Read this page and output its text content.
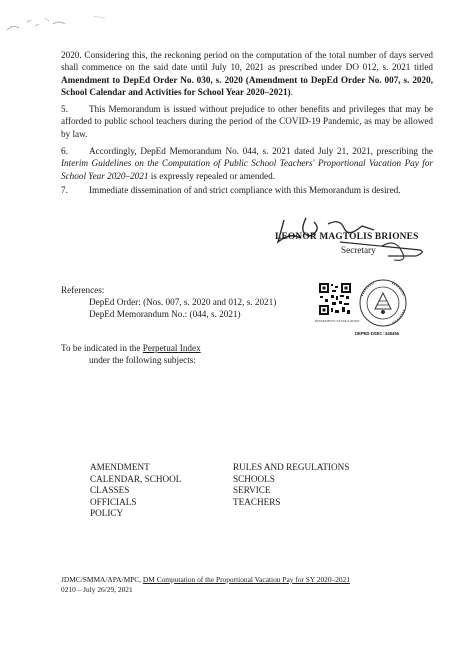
2020. Considering this, the reckoning period on the computation of the total number of days served shall commence on the said date until July 10, 2021 as prescribed under DO 012, s. 2021 titled Amendment to DepEd Order No. 030, s. 2020 (Amendment to DepEd Order No. 007, s. 2020, School Calendar and Activities for School Year 2020–2021).
5. This Memorandum is issued without prejudice to other benefits and privileges that may be afforded to public school teachers during the period of the COVID-19 Pandemic, as may be allowed by law.
6. Accordingly, DepEd Memorandum No. 044, s. 2021 dated July 21, 2021, prescribing the Interim Guidelines on the Computation of Public School Teachers' Proportional Vacation Pay for School Year 2020–2021 is expressly repealed or amended.
7. Immediate dissemination of and strict compliance with this Memorandum is desired.
LEONOR MAGTOLIS BRIONES
Secretary
References:
DepEd Order: (Nos. 007, s. 2020 and 012, s. 2021)
DepEd Memorandum No.: (044, s. 2021)
DEPARTMENT OF EDUCATION
DEPED-DSEC: 448456
To be indicated in the Perpetual Index
under the following subjects:
AMENDMENT
CALENDAR, SCHOOL
CLASSES
OFFICIALS
POLICY
RULES AND REGULATIONS
SCHOOLS
SERVICE
TEACHERS
JDMC/SMMA/APA/MPC, DM Computation of the Proportional Vacation Pay for SY 2020–2021
0210 – July 26/29, 2021
